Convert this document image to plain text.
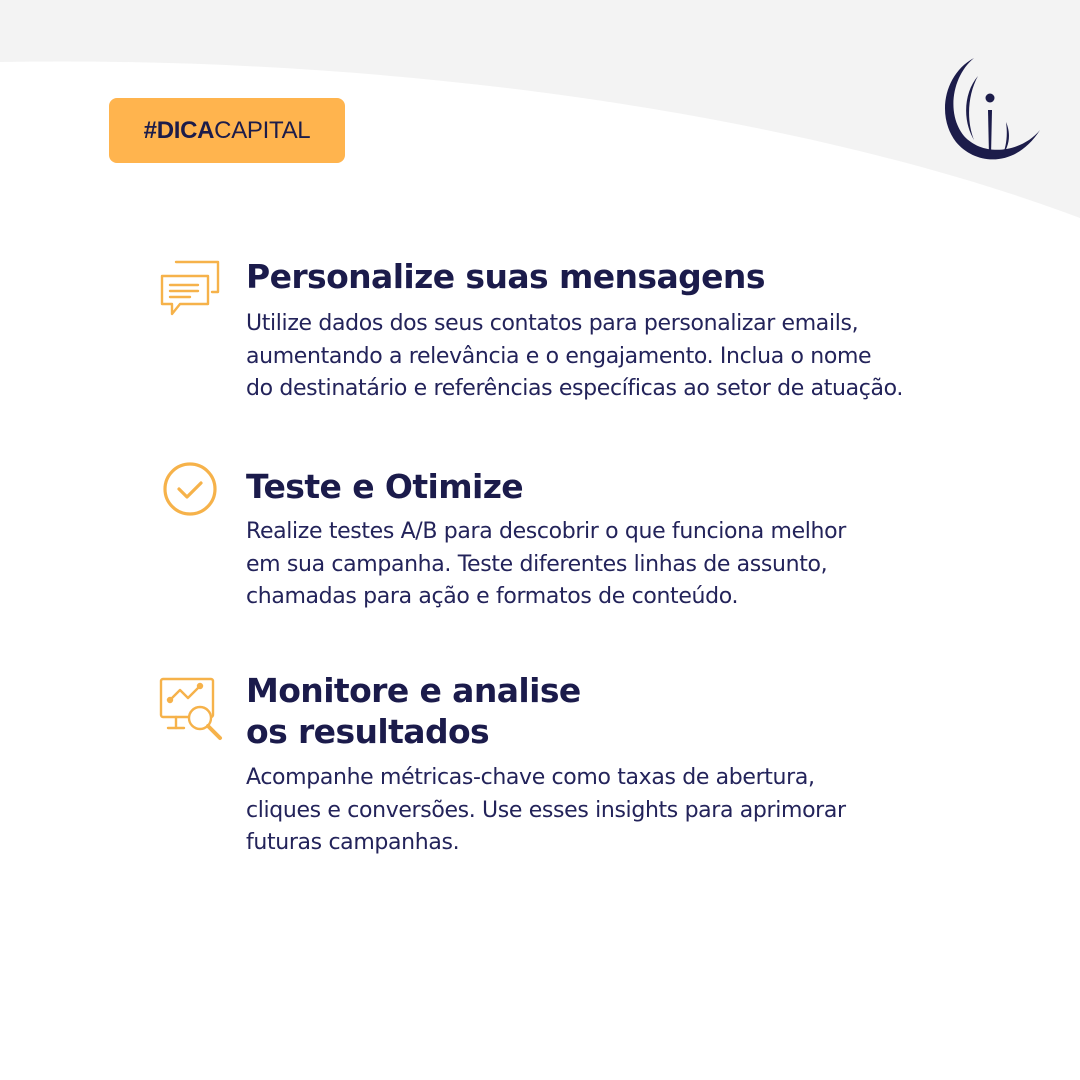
#DICA CAPITAL
Personalize suas mensagens

Utilize dados dos seus contatos para personalizar emails,
aumentando a relevância e o engajamento. Inclua o nome
do destinatário e referências específicas ao setor de atuação.

Teste e Otimize

Realize testes A/B para descobrir o que funciona melhor
em sua campanha. Teste diferentes linhas de assunto,
chamadas para ação e formatos de conteúdo.

Monitore e analise
os resultados

Acompanhe métricas-chave como taxas de abertura,
cliques e conversões. Use esses insights para aprimorar
futuras campanhas.
